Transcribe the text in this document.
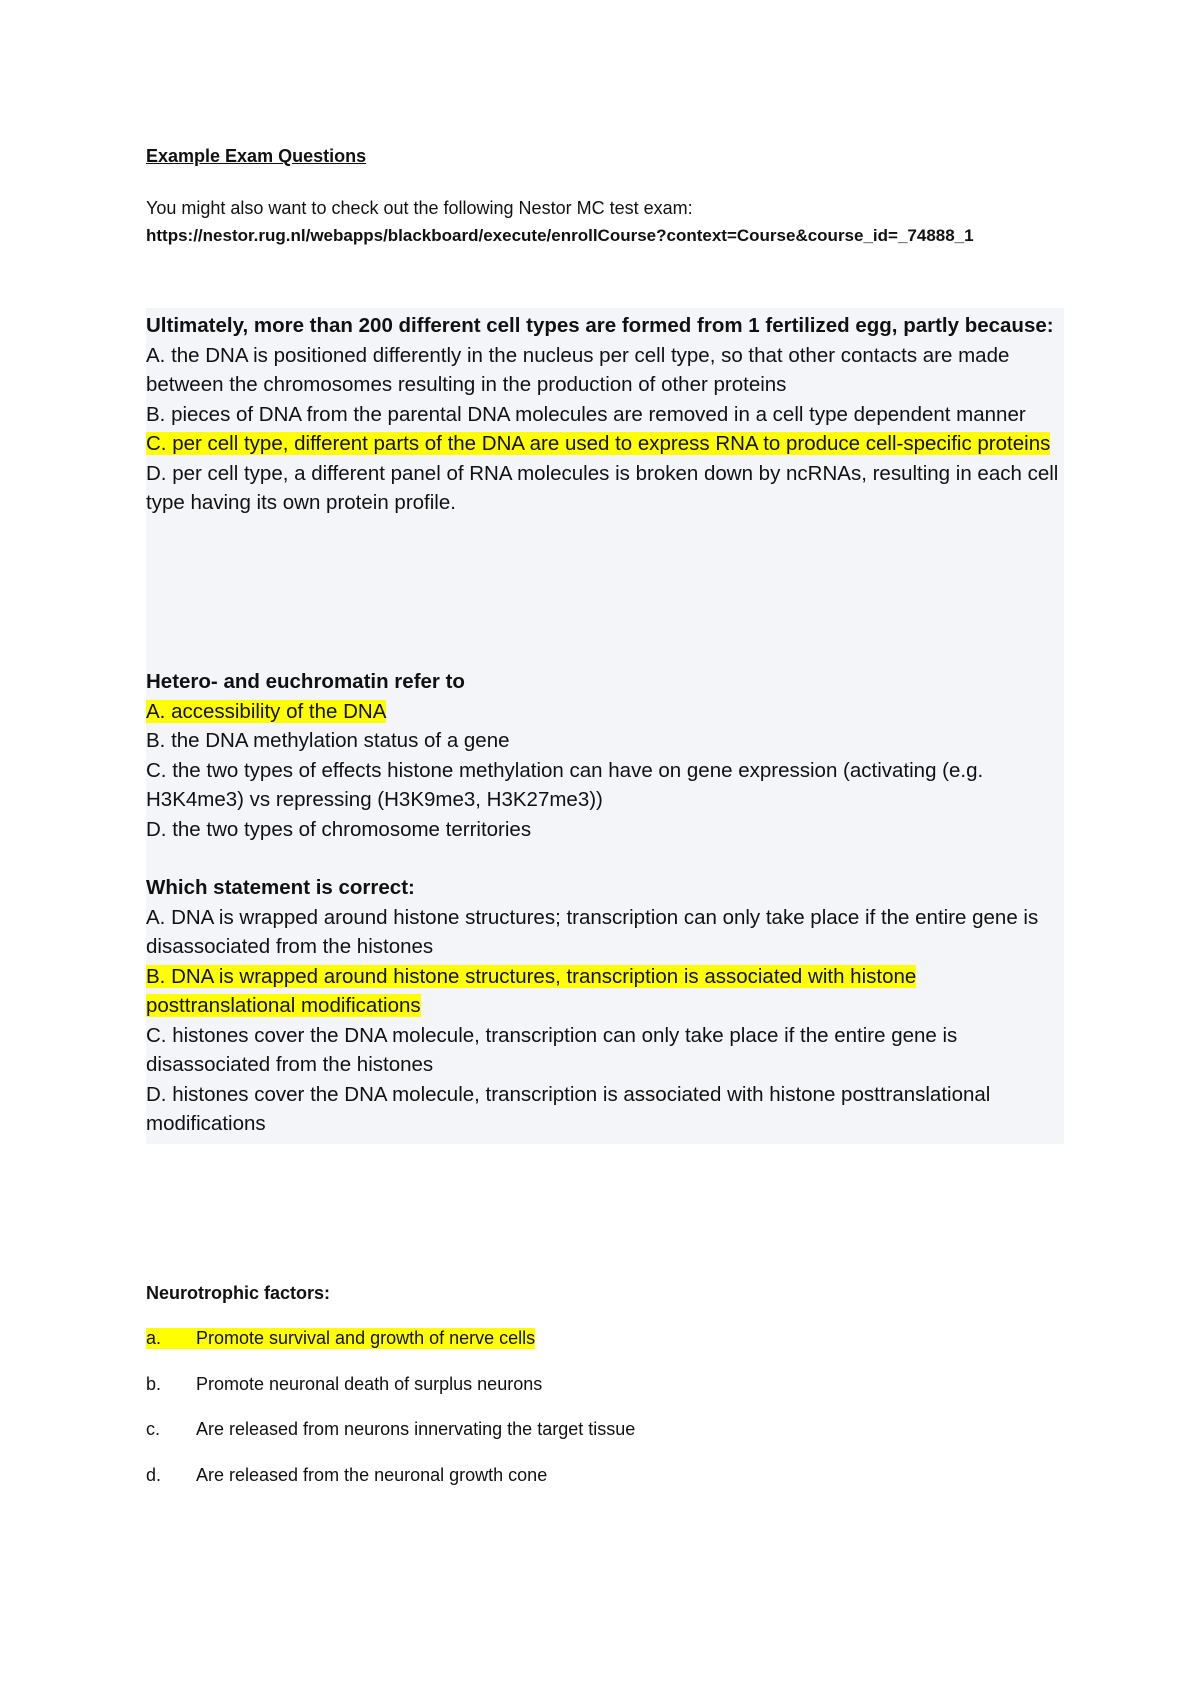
Example Exam Questions

You might also want to check out the following Nestor MC test exam:
https://nestor.rug.nl/webapps/blackboard/execute/enrollCourse?context=Course&course_id=_74888_1

Ultimately, more than 200 different cell types are formed from 1 fertilized egg, partly because:
A. the DNA is positioned differently in the nucleus per cell type, so that other contacts are made between the chromosomes resulting in the production of other proteins
B. pieces of DNA from the parental DNA molecules are removed in a cell type dependent manner
C. per cell type, different parts of the DNA are used to express RNA to produce cell-specific proteins
D. per cell type, a different panel of RNA molecules is broken down by ncRNAs, resulting in each cell type having its own protein profile.
Hetero- and euchromatin refer to
A. accessibility of the DNA
B. the DNA methylation status of a gene
C. the two types of effects histone methylation can have on gene expression (activating (e.g. H3K4me3) vs repressing (H3K9me3, H3K27me3))
D. the two types of chromosome territories
Which statement is correct:
A. DNA is wrapped around histone structures; transcription can only take place if the entire gene is disassociated from the histones
B. DNA is wrapped around histone structures, transcription is associated with histone posttranslational modifications
C. histones cover the DNA molecule, transcription can only take place if the entire gene is disassociated from the histones
D. histones cover the DNA molecule, transcription is associated with histone posttranslational modifications

Neurotrophic factors:

a. Promote survival and growth of nerve cells

b.	Promote neuronal death of surplus neurons

c.	Are released from neurons innervating the target tissue

d.	Are released from the neuronal growth cone
